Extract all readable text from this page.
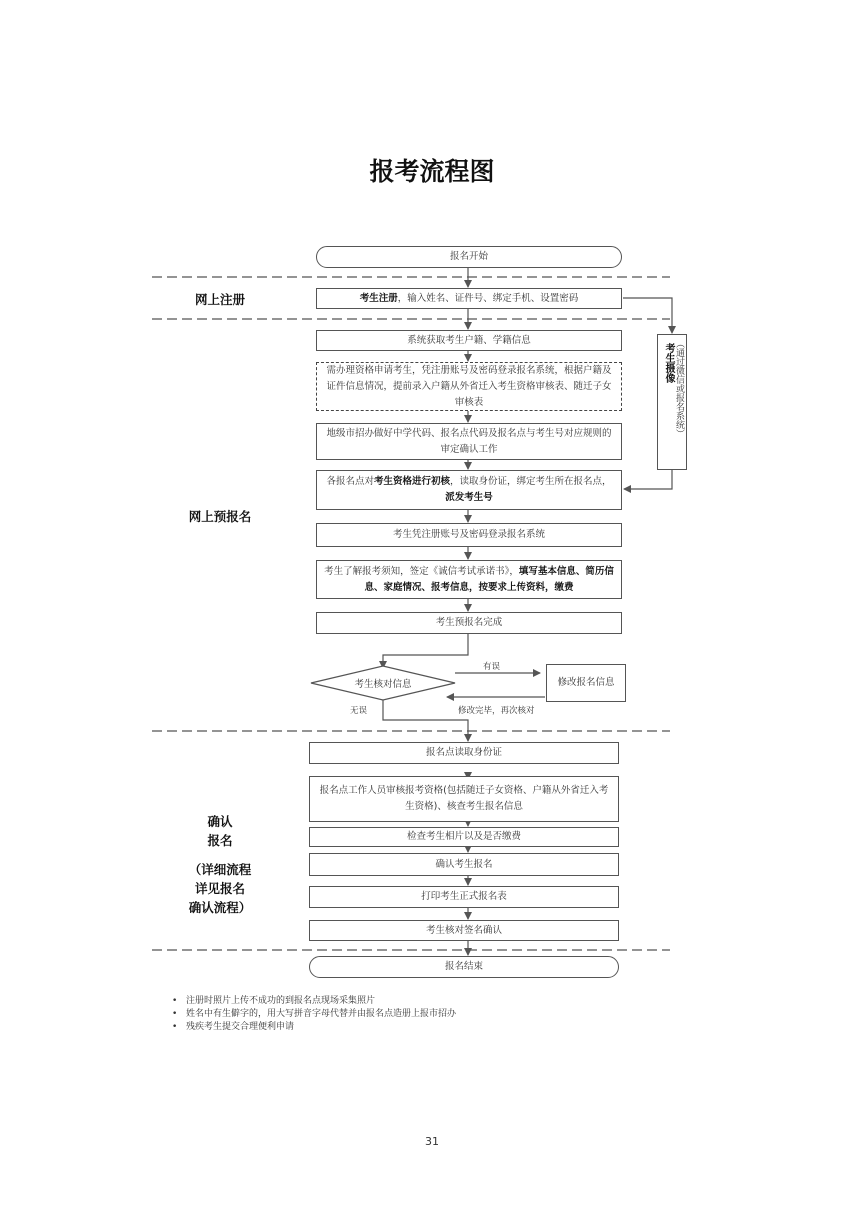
报考流程图
报名开始
考生注册，输入姓名、证件号、绑定手机、设置密码
系统获取考生户籍、学籍信息
需办理资格申请考生，凭注册账号及密码登录报名系统，根据户籍及证件信息情况，提前录入户籍从外省迁入考生资格审核表、随迁子女审核表
地级市招办做好中学代码、报名点代码及报名点与考生号对应规则的审定确认工作
各报名点对考生资格进行初核，读取身份证，绑定考生所在报名点，派发考生号
考生凭注册账号及密码登录报名系统
考生了解报考须知，签定《诚信考试承诺书》，填写基本信息、简历信息、家庭情况、报考信息，按要求上传资料，缴费
考生预报名完成
考生核对信息	修改报名信息
有误
修改完毕，再次核对
无误
报名点读取身份证
报名点工作人员审核报考资格(包括随迁子女资格、户籍从外省迁入考生资格)、核查考生报名信息
检查考生相片以及是否缴费
确认考生报名
打印考生正式报名表
考生核对签名确认
报名结束
考生摄像 （通过微信或报名系统）
网上注册
网上预报名
确认
报名
（详细流程
详见报名
确认流程）
• 注册时照片上传不成功的到报名点现场采集照片
• 姓名中有生僻字的，用大写拼音字母代替并由报名点造册上报市招办
• 残疾考生提交合理便利申请
31
